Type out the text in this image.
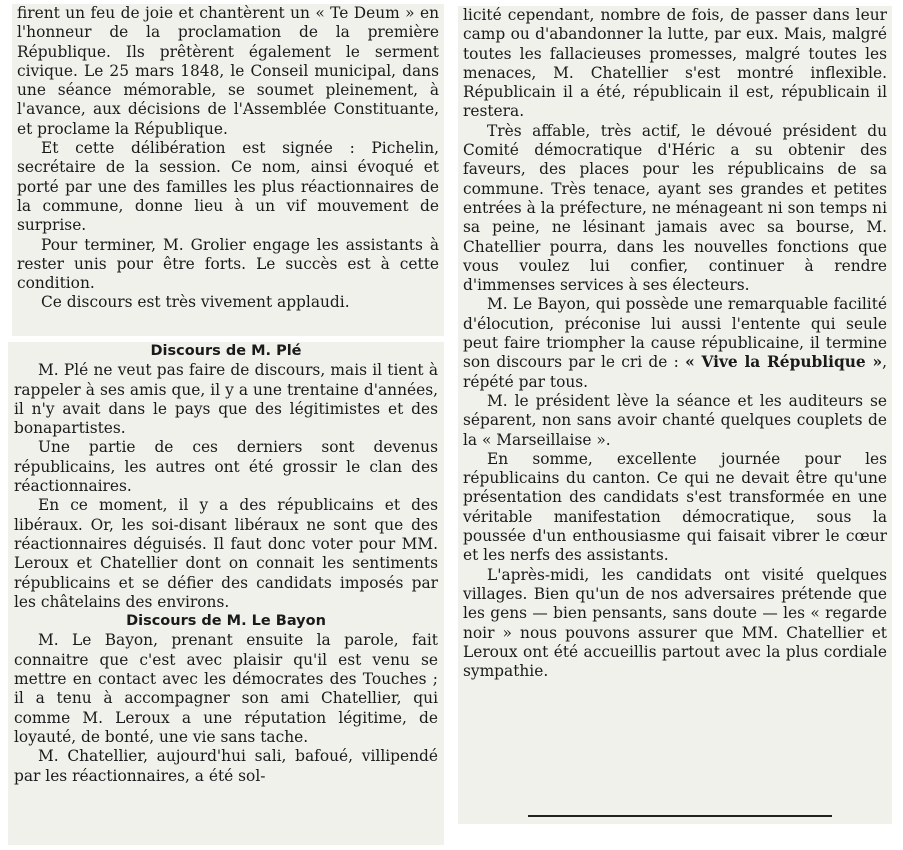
firent un feu de joie et chantèrent un « Te Deum » en l'honneur de la proclamation de la première République. Ils prêtèrent également le serment civique. Le 25 mars 1848, le Conseil municipal, dans une séance mémorable, se soumet pleinement, à l'avance, aux décisions de l'Assemblée Constituante, et proclame la République.

Et cette délibération est signée : Pichelin, secrétaire de la session. Ce nom, ainsi évoqué et porté par une des familles les plus réactionnaires de la commune, donne lieu à un vif mouvement de surprise.

Pour terminer, M. Grolier engage les assistants à rester unis pour être forts. Le succès est à cette condition.

Ce discours est très vivement applaudi.

Discours de M. Plé

M. Plé ne veut pas faire de discours, mais il tient à rappeler à ses amis que, il y a une trentaine d'années, il n'y avait dans le pays que des légitimistes et des bonapartistes.

Une partie de ces derniers sont devenus républicains, les autres ont été grossir le clan des réactionnaires.

En ce moment, il y a des républicains et des libéraux. Or, les soi-disant libéraux ne sont que des réactionnaires déguisés. Il faut donc voter pour MM. Leroux et Chatellier dont on connait les sentiments républicains et se défier des candidats imposés par les châtelains des environs.

Discours de M. Le Bayon

M. Le Bayon, prenant ensuite la parole, fait connaitre que c'est avec plaisir qu'il est venu se mettre en contact avec les démocrates des Touches ; il a tenu à accompagner son ami Chatellier, qui comme M. Leroux a une réputation légitime, de loyauté, de bonté, une vie sans tache.

M. Chatellier, aujourd'hui sali, bafoué, villipendé par les réactionnaires, a été sol-

licité cependant, nombre de fois, de passer dans leur camp ou d'abandonner la lutte, par eux. Mais, malgré toutes les fallacieuses promesses, malgré toutes les menaces, M. Chatellier s'est montré inflexible. Républicain il a été, républicain il est, républicain il restera.

Très affable, très actif, le dévoué président du Comité démocratique d'Héric a su obtenir des faveurs, des places pour les républicains de sa commune. Très tenace, ayant ses grandes et petites entrées à la préfecture, ne ménageant ni son temps ni sa peine, ne lésinant jamais avec sa bourse, M. Chatellier pourra, dans les nouvelles fonctions que vous voulez lui confier, continuer à rendre d'immenses services à ses électeurs.

M. Le Bayon, qui possède une remarquable facilité d'élocution, préconise lui aussi l'entente qui seule peut faire triompher la cause républicaine, il termine son discours par le cri de : « Vive la République », répété par tous.

M. le président lève la séance et les auditeurs se séparent, non sans avoir chanté quelques couplets de la « Marseillaise ».

En somme, excellente journée pour les républicains du canton. Ce qui ne devait être qu'une présentation des candidats s'est transformée en une véritable manifestation démocratique, sous la poussée d'un enthousiasme qui faisait vibrer le cœur et les nerfs des assistants.

L'après-midi, les candidats ont visité quelques villages. Bien qu'un de nos adversaires prétende que les gens — bien pensants, sans doute — les « regarde noir » nous pouvons assurer que MM. Chatellier et Leroux ont été accueillis partout avec la plus cordiale sympathie.
